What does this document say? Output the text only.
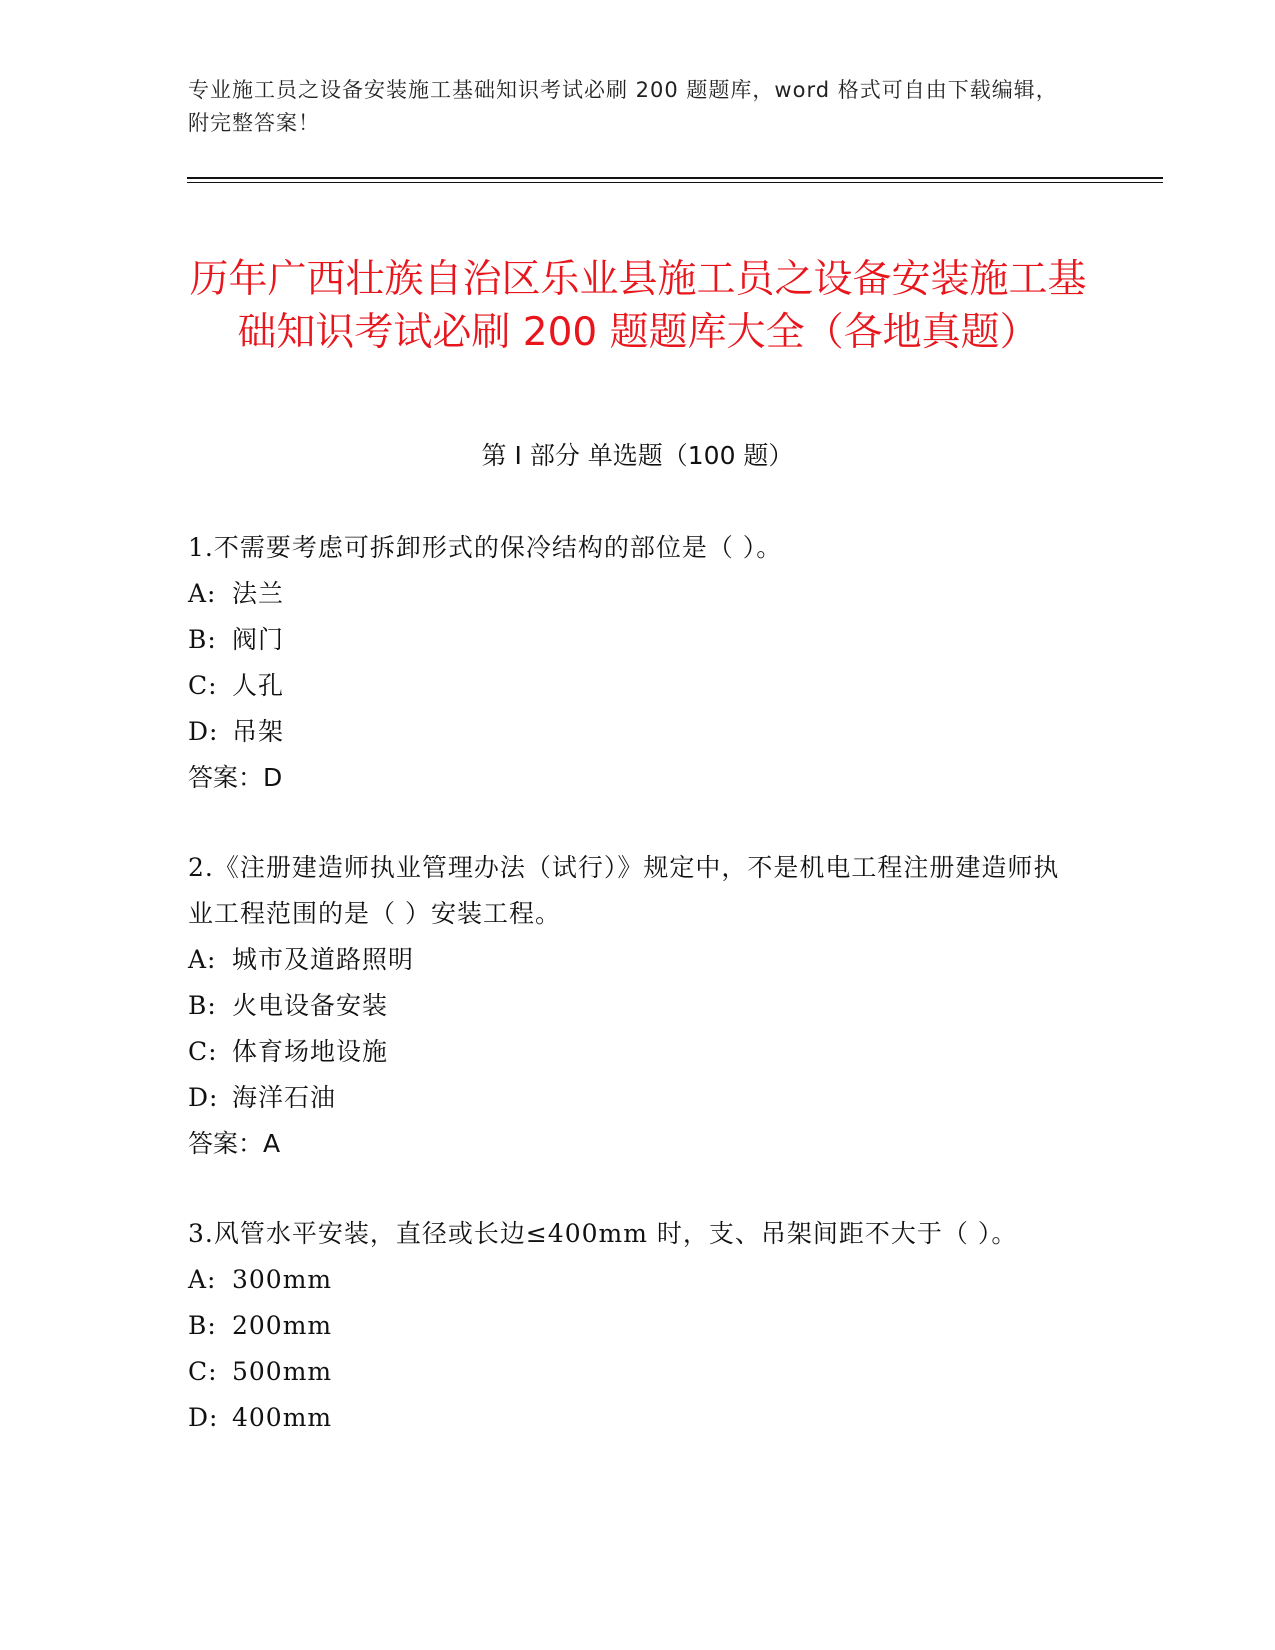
专业施工员之设备安装施工基础知识考试必刷 200 题题库，word 格式可自由下载编辑，附完整答案！
历年广西壮族自治区乐业县施工员之设备安装施工基础知识考试必刷 200 题题库大全（各地真题）
第 I 部分 单选题（100 题）
1.不需要考虑可拆卸形式的保冷结构的部位是（ ）。
A: 法兰
B: 阀门
C: 人孔
D: 吊架
答案：D
2.《注册建造师执业管理办法（试行）》规定中，不是机电工程注册建造师执业工程范围的是（ ）安装工程。
A: 城市及道路照明
B: 火电设备安装
C: 体育场地设施
D: 海洋石油
答案：A
3.风管水平安装，直径或长边≤400mm 时，支、吊架间距不大于（ ）。
A: 300mm
B: 200mm
C: 500mm
D: 400mm
